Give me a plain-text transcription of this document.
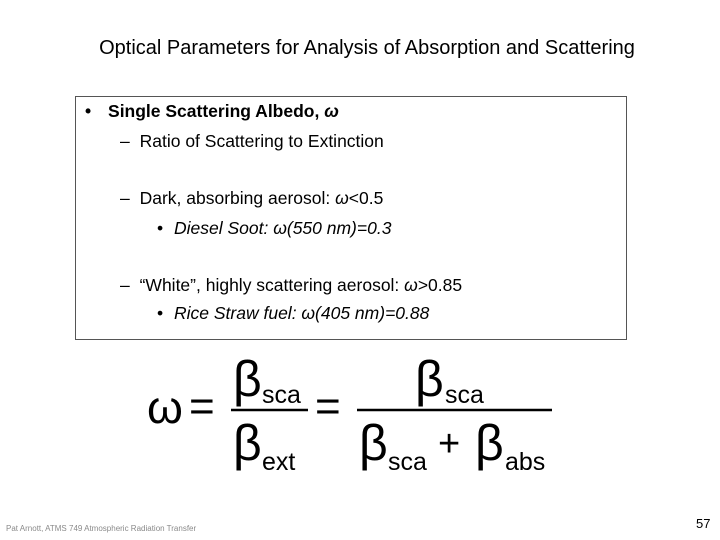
Optical Parameters for Analysis of Absorption and Scattering
• Single Scattering Albedo, ω
– Ratio of Scattering to Extinction
– Dark, absorbing aerosol: ω<0.5
• Diesel Soot: ω(550 nm)=0.3
– “White”, highly scattering aerosol: ω>0.85
• Rice Straw fuel: ω(405 nm)=0.88
ω = β sca
β ext
= β sca
β sca + β abs
Pat Arnott, ATMS 749 Atmospheric Radiation Transfer	57
